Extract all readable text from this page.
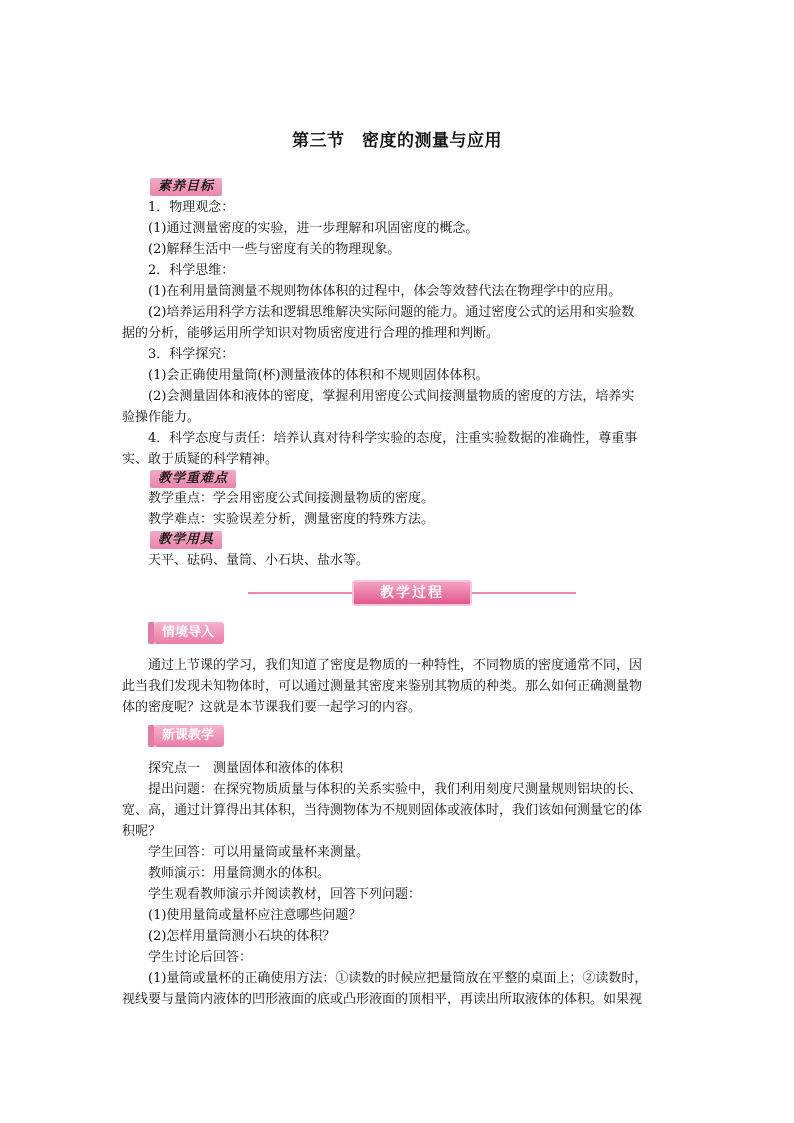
第三节　密度的测量与应用
素养目标
1．物理观念：
(1)通过测量密度的实验，进一步理解和巩固密度的概念。
(2)解释生活中一些与密度有关的物理现象。
2．科学思维：
(1)在利用量筒测量不规则物体体积的过程中，体会等效替代法在物理学中的应用。
(2)培养运用科学方法和逻辑思维解决实际问题的能力。通过密度公式的运用和实验数
据的分析，能够运用所学知识对物质密度进行合理的推理和判断。
3．科学探究：
(1)会正确使用量筒(杯)测量液体的体积和不规则固体体积。
(2)会测量固体和液体的密度，掌握利用密度公式间接测量物质的密度的方法，培养实
验操作能力。
4．科学态度与责任：培养认真对待科学实验的态度，注重实验数据的准确性，尊重事
实、敢于质疑的科学精神。
教学重难点
教学重点：学会用密度公式间接测量物质的密度。
教学难点：实验误差分析，测量密度的特殊方法。
教学用具
天平、砝码、量筒、小石块、盐水等。
教学过程
情境导入
通过上节课的学习，我们知道了密度是物质的一种特性，不同物质的密度通常不同，因
此当我们发现未知物体时，可以通过测量其密度来鉴别其物质的种类。那么如何正确测量物
体的密度呢？这就是本节课我们要一起学习的内容。
新课教学
探究点一　测量固体和液体的体积
提出问题：在探究物质质量与体积的关系实验中，我们利用刻度尺测量规则铝块的长、
宽、高，通过计算得出其体积，当待测物体为不规则固体或液体时，我们该如何测量它的体
积呢？
学生回答：可以用量筒或量杯来测量。
教师演示：用量筒测水的体积。
学生观看教师演示并阅读教材，回答下列问题：
(1)使用量筒或量杯应注意哪些问题？
(2)怎样用量筒测小石块的体积？
学生讨论后回答：
(1)量筒或量杯的正确使用方法：①读数的时候应把量筒放在平整的桌面上；②读数时，
视线要与量筒内液体的凹形液面的底或凸形液面的顶相平，再读出所取液体的体积。如果视
